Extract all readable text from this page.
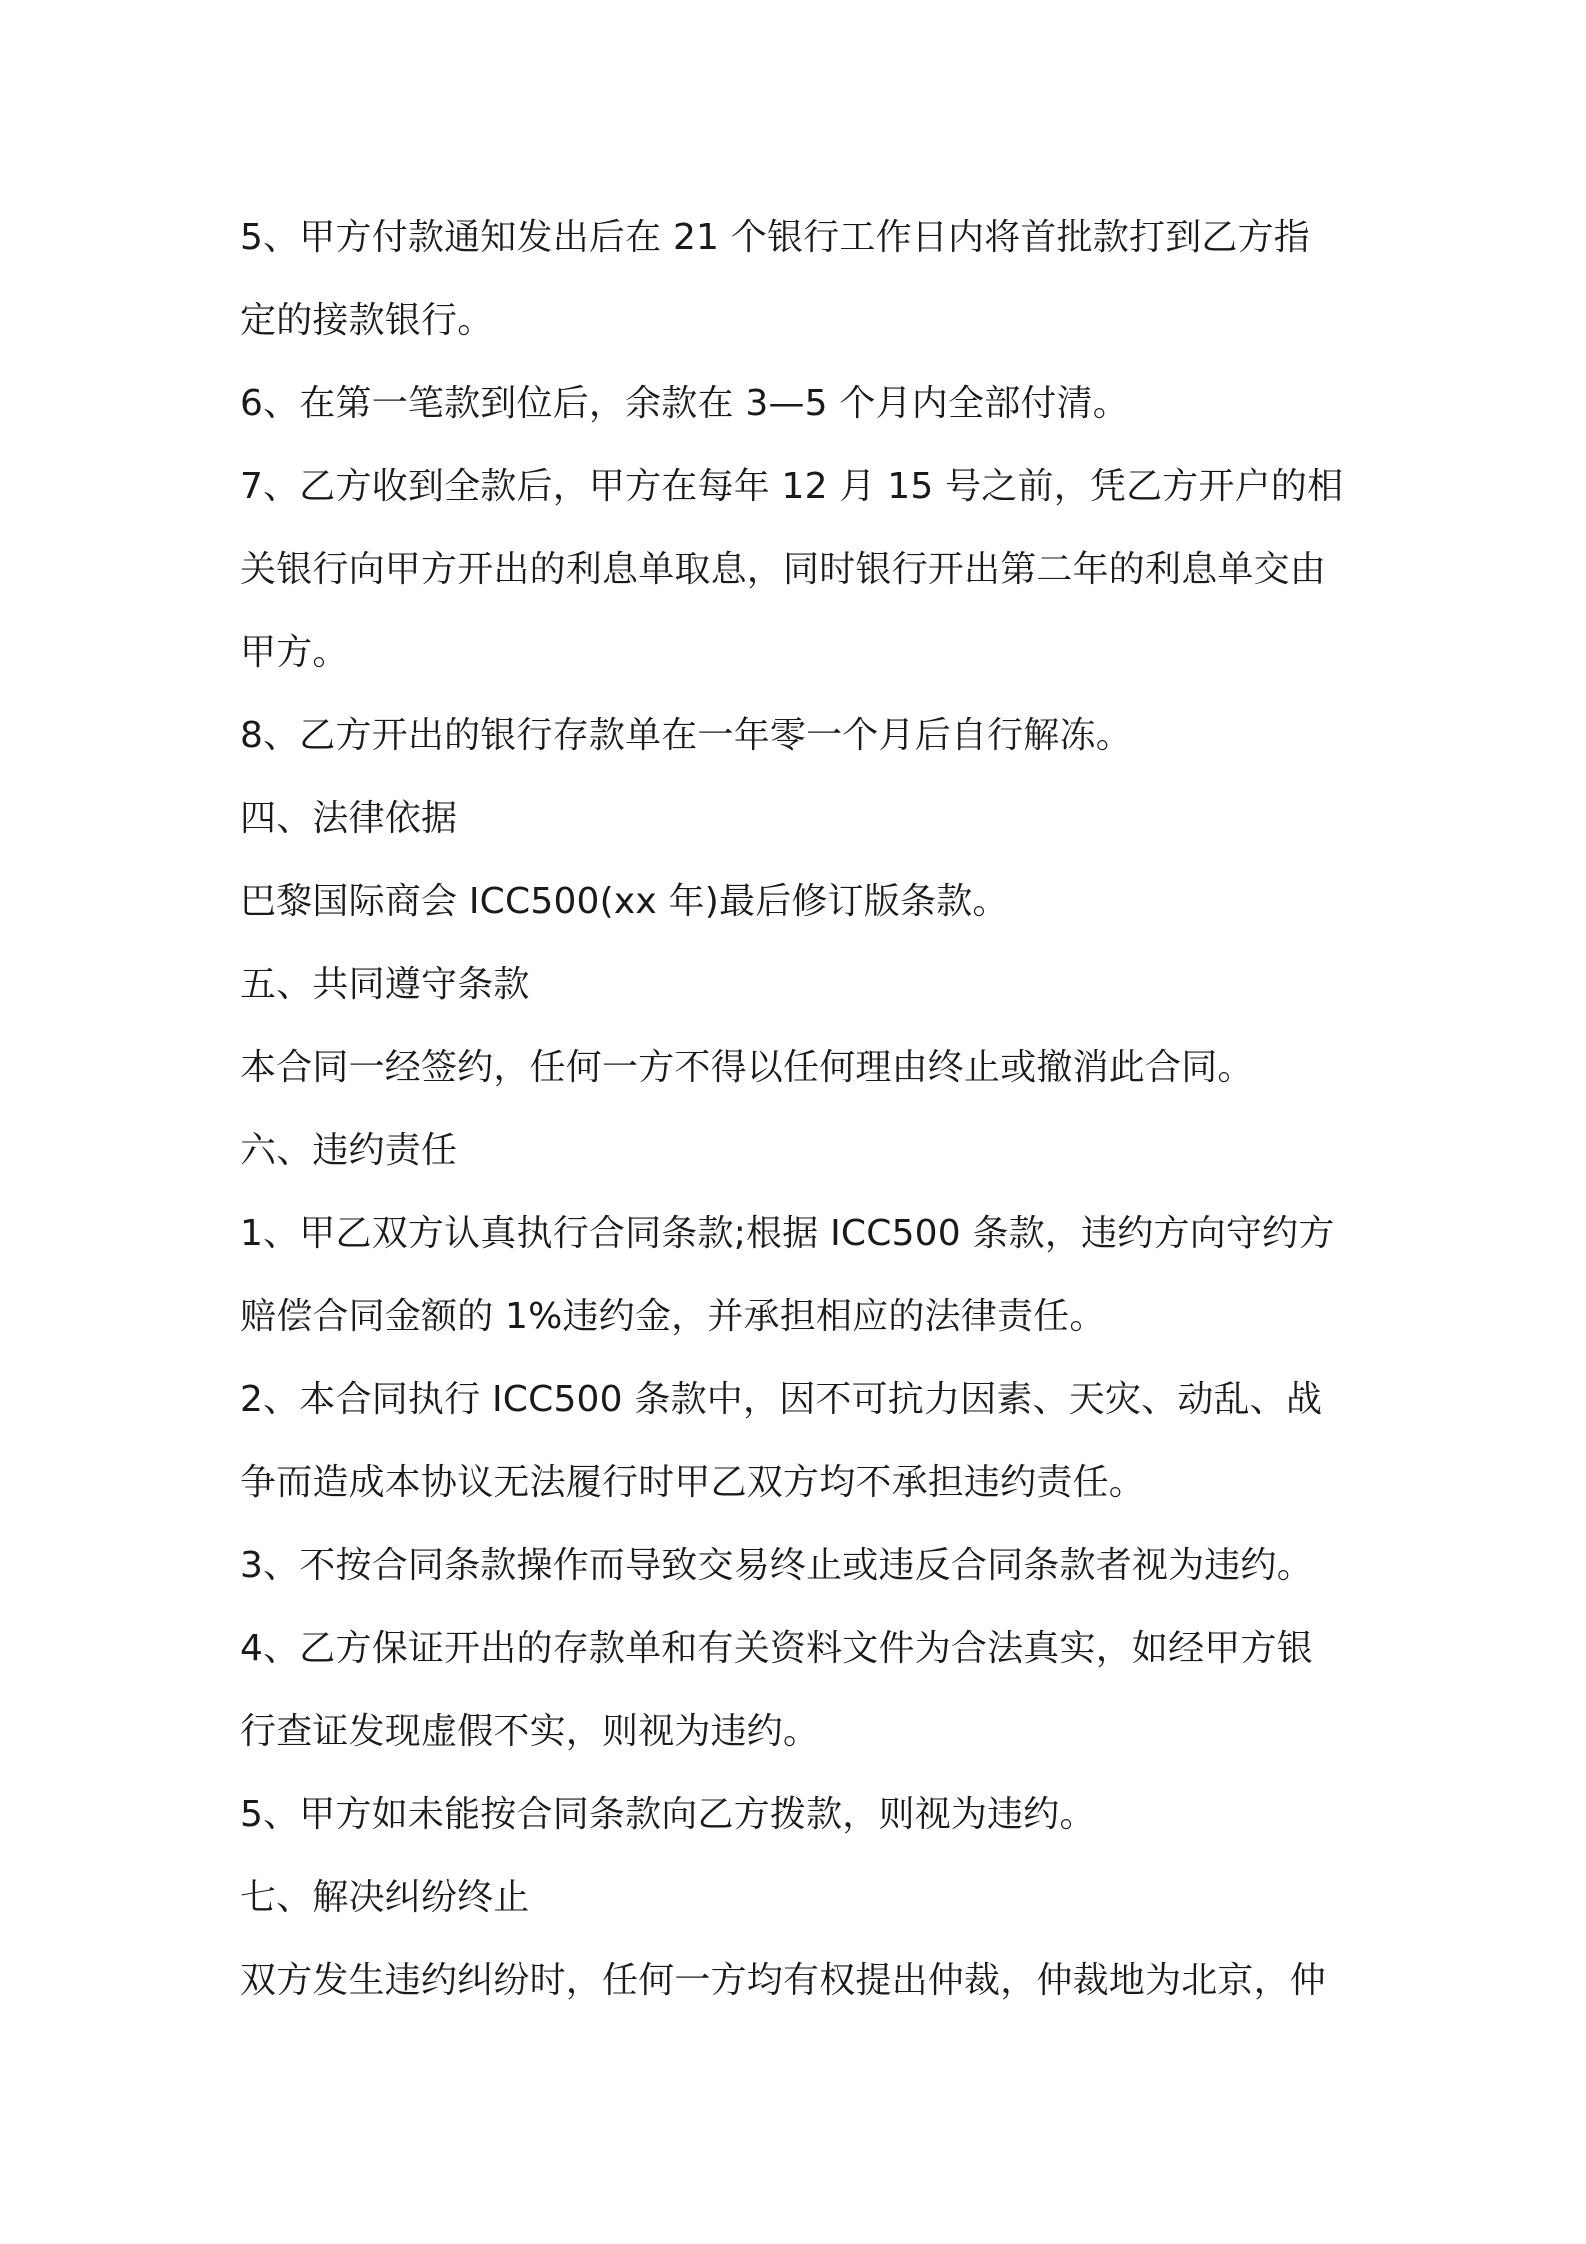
5、甲方付款通知发出后在 21 个银行工作日内将首批款打到乙方指
定的接款银行。
6、在第一笔款到位后，余款在 3—5 个月内全部付清。
7、乙方收到全款后，甲方在每年 12 月 15 号之前，凭乙方开户的相
关银行向甲方开出的利息单取息，同时银行开出第二年的利息单交由
甲方。
8、乙方开出的银行存款单在一年零一个月后自行解冻。
四、法律依据
巴黎国际商会 ICC500(xx 年)最后修订版条款。
五、共同遵守条款
本合同一经签约，任何一方不得以任何理由终止或撤消此合同。
六、违约责任
1、甲乙双方认真执行合同条款;根据 ICC500 条款，违约方向守约方
赔偿合同金额的 1%违约金，并承担相应的法律责任。
2、本合同执行 ICC500 条款中，因不可抗力因素、天灾、动乱、战
争而造成本协议无法履行时甲乙双方均不承担违约责任。
3、不按合同条款操作而导致交易终止或违反合同条款者视为违约。
4、乙方保证开出的存款单和有关资料文件为合法真实，如经甲方银
行查证发现虚假不实，则视为违约。
5、甲方如未能按合同条款向乙方拨款，则视为违约。
七、解决纠纷终止
双方发生违约纠纷时，任何一方均有权提出仲裁，仲裁地为北京，仲
